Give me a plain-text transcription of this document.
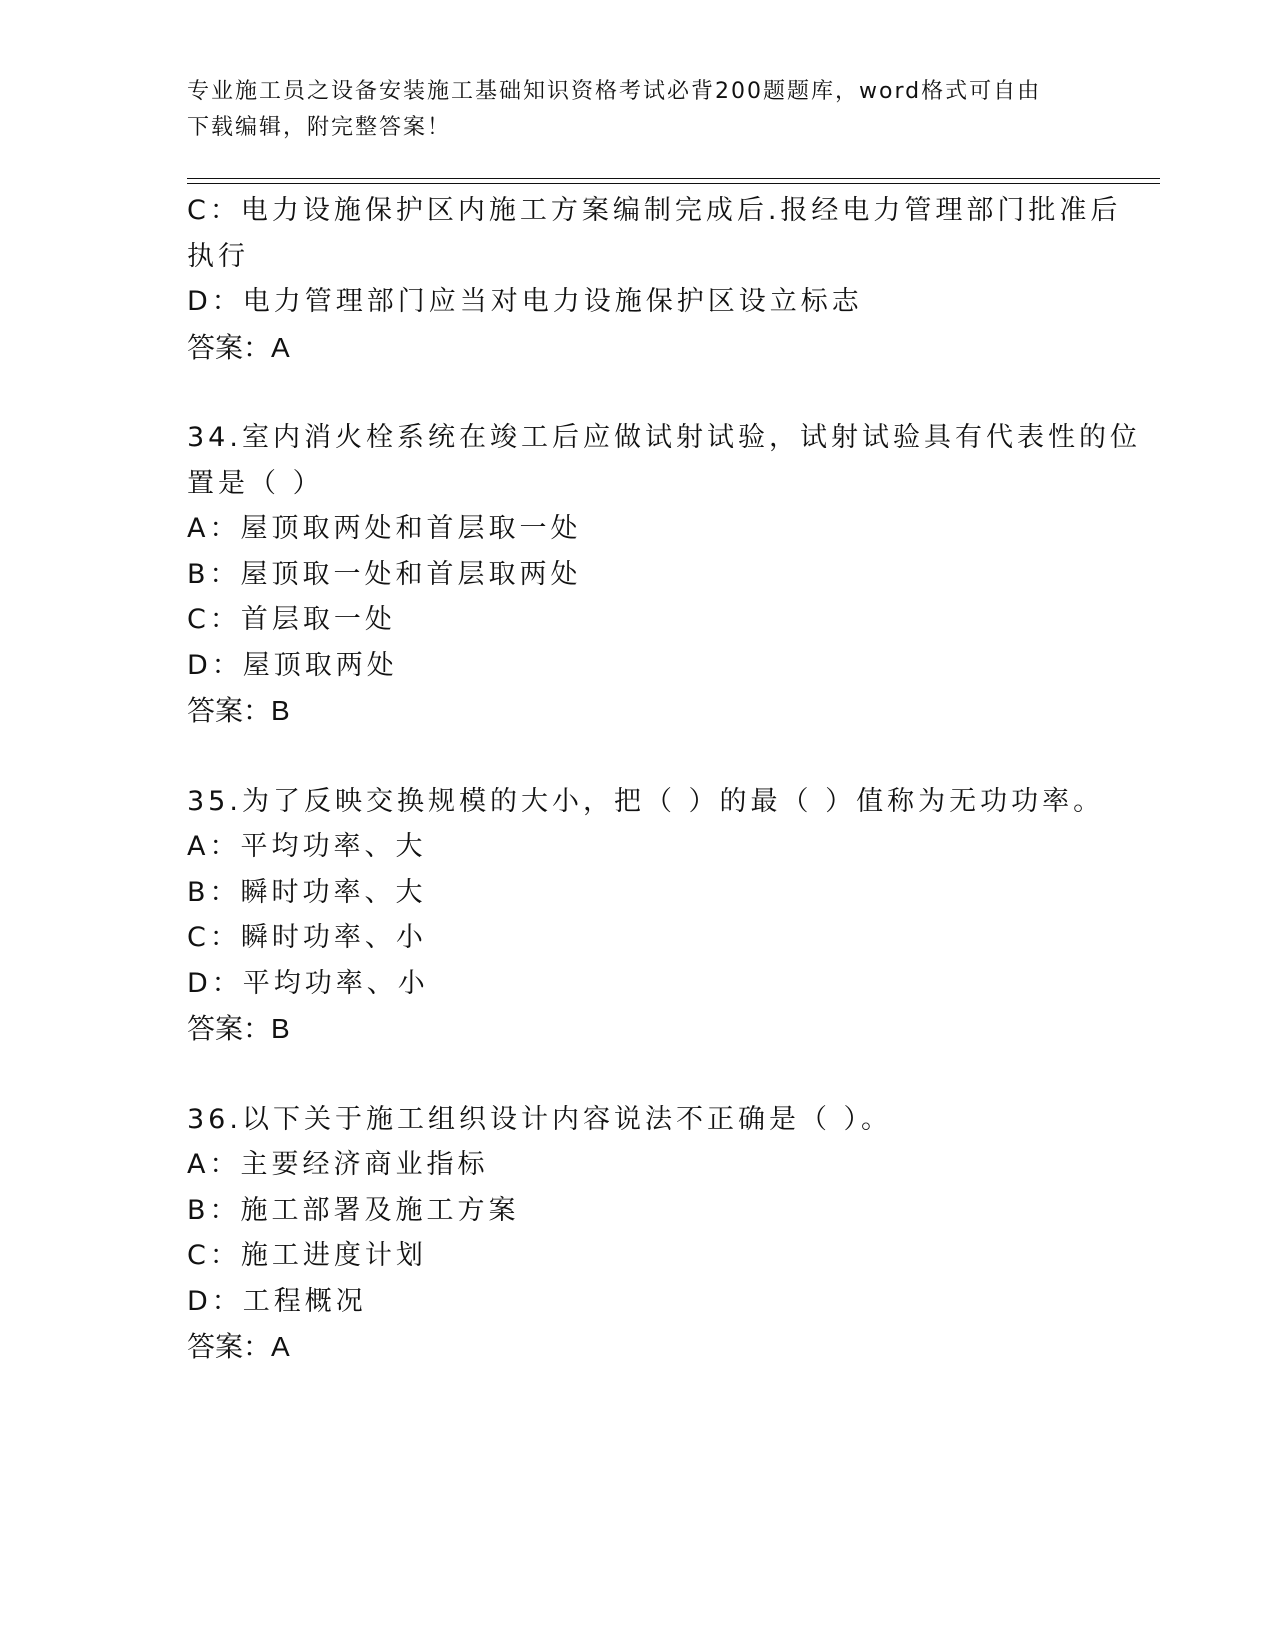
专业施工员之设备安装施工基础知识资格考试必背200题题库，word格式可自由
下载编辑，附完整答案！
C：电力设施保护区内施工方案编制完成后.报经电力管理部门批准后
执行
D：电力管理部门应当对电力设施保护区设立标志
答案：A
34.室内消火栓系统在竣工后应做试射试验，试射试验具有代表性的位
置是（ ）
A：屋顶取两处和首层取一处
B：屋顶取一处和首层取两处
C：首层取一处
D：屋顶取两处
答案：B
35.为了反映交换规模的大小，把（ ）的最（ ）值称为无功功率。
A：平均功率、大
B：瞬时功率、大
C：瞬时功率、小
D：平均功率、小
答案：B
36.以下关于施工组织设计内容说法不正确是（ ）。
A：主要经济商业指标
B：施工部署及施工方案
C：施工进度计划
D：工程概况
答案：A
